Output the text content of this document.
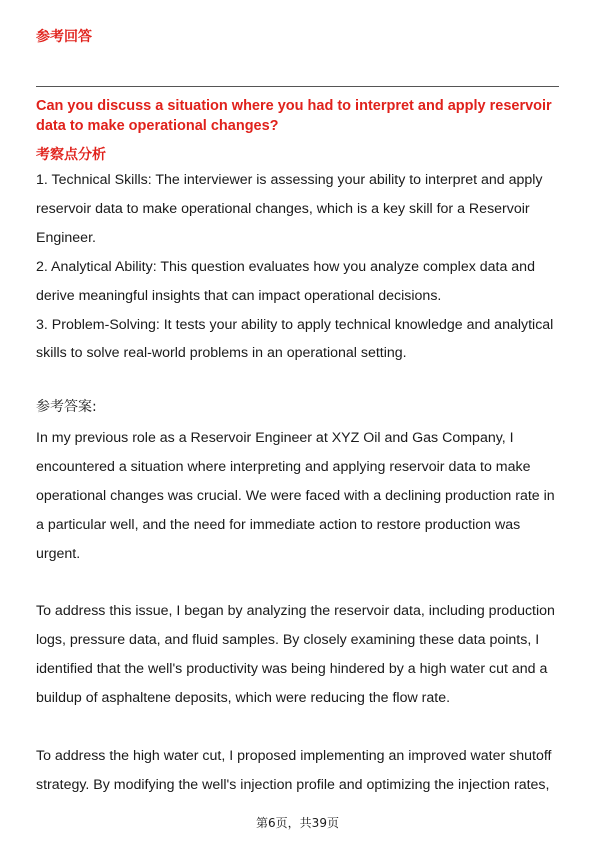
参考回答
Can you discuss a situation where you had to interpret and apply reservoir data to make operational changes?
考察点分析

1. Technical Skills: The interviewer is assessing your ability to interpret and apply reservoir data to make operational changes, which is a key skill for a Reservoir Engineer.

2. Analytical Ability: This question evaluates how you analyze complex data and derive meaningful insights that can impact operational decisions.

3. Problem-Solving: It tests your ability to apply technical knowledge and analytical skills to solve real-world problems in an operational setting.

参考答案:

In my previous role as a Reservoir Engineer at XYZ Oil and Gas Company, I encountered a situation where interpreting and applying reservoir data to make operational changes was crucial. We were faced with a declining production rate in a particular well, and the need for immediate action to restore production was urgent.

To address this issue, I began by analyzing the reservoir data, including production logs, pressure data, and fluid samples. By closely examining these data points, I identified that the well's productivity was being hindered by a high water cut and a buildup of asphaltene deposits, which were reducing the flow rate.

To address the high water cut, I proposed implementing an improved water shutoff strategy. By modifying the well's injection profile and optimizing the injection rates,

第6页，共39页
